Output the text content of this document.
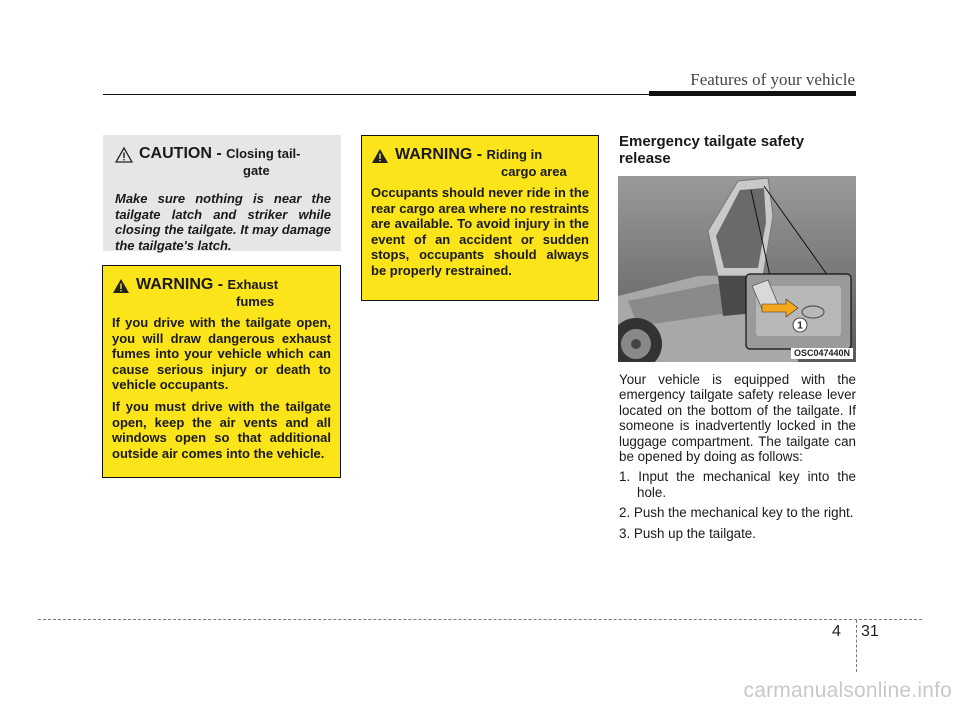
Features of your vehicle
CAUTION - Closing tail-
gate
Make sure nothing is near the tailgate latch and striker while closing the tailgate. It may damage the tailgate's latch.
WARNING - Exhaust
fumes

If you drive with the tailgate open, you will draw dangerous exhaust fumes into your vehicle which can cause serious injury or death to vehicle occupants.

If you must drive with the tailgate open, keep the air vents and all windows open so that additional outside air comes into the vehicle.

WARNING - Riding in
cargo area
Occupants should never ride in the rear cargo area where no restraints are available. To avoid injury in the event of an accident or sudden stops, occupants should always be properly restrained.
Emergency tailgate safety release
1
OSC047440N

Your vehicle is equipped with the emergency tailgate safety release lever located on the bottom of the tailgate. If someone is inadvertently locked in the luggage compartment. The tailgate can be opened by doing as follows:

1. Input the mechanical key into the hole.
2. Push the mechanical key to the right.
3. Push up the tailgate.
4 31
carmanualsonline.info
